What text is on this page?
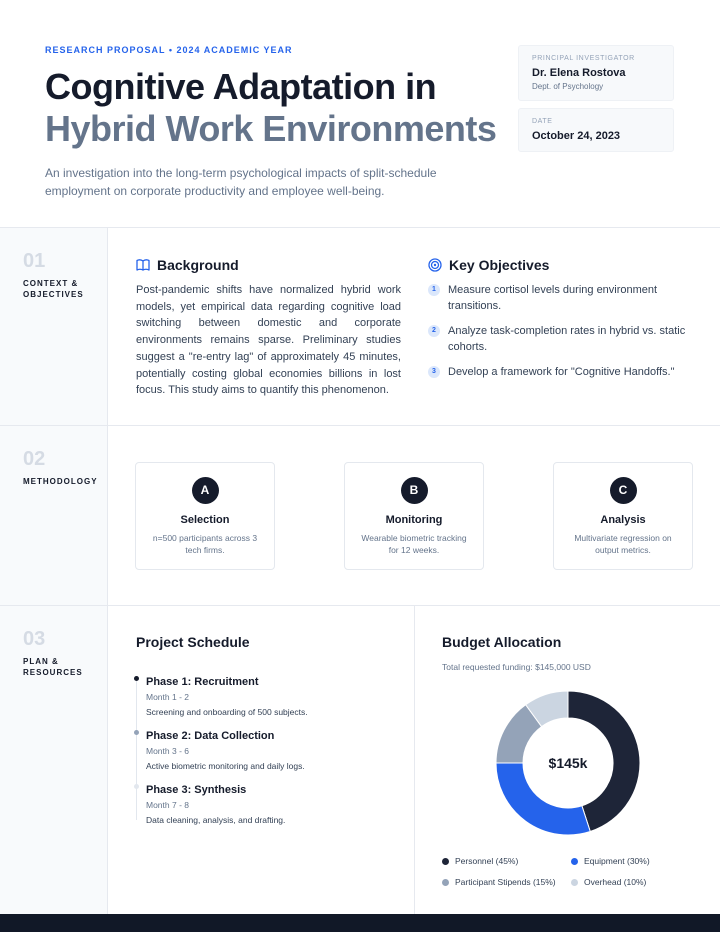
RESEARCH PROPOSAL • 2024 ACADEMIC YEAR
Cognitive Adaptation in
Hybrid Work Environments
An investigation into the long-term psychological impacts of split-schedule employment on corporate productivity and employee well-being.
PRINCIPAL INVESTIGATOR
Dr. Elena Rostova
Dept. of Psychology
DATE
October 24, 2023
01
CONTEXT & OBJECTIVES
Background
Post-pandemic shifts have normalized hybrid work models, yet empirical data regarding cognitive load switching between domestic and corporate environments remains sparse. Preliminary studies suggest a "re-entry lag" of approximately 45 minutes, potentially costing global economies billions in lost focus. This study aims to quantify this phenomenon.
Key Objectives
1	Measure cortisol levels during environment transitions.
2	Analyze task-completion rates in hybrid vs. static cohorts.
3	Develop a framework for "Cognitive Handoffs."
02
METHODOLOGY
A
Selection
n=500 participants across 3 tech firms.
B
Monitoring
Wearable biometric tracking for 12 weeks.
C
Analysis
Multivariate regression on output metrics.
03
PLAN & RESOURCES
Project Schedule
Phase 1: Recruitment
Month 1 - 2
Screening and onboarding of 500 subjects.
Phase 2: Data Collection
Month 3 - 6
Active biometric monitoring and daily logs.
Phase 3: Synthesis
Month 7 - 8
Data cleaning, analysis, and drafting.
Budget Allocation
Total requested funding: $145,000 USD
$145k
Personnel (45%)	Equipment (30%)
Participant Stipends (15%)	Overhead (10%)
